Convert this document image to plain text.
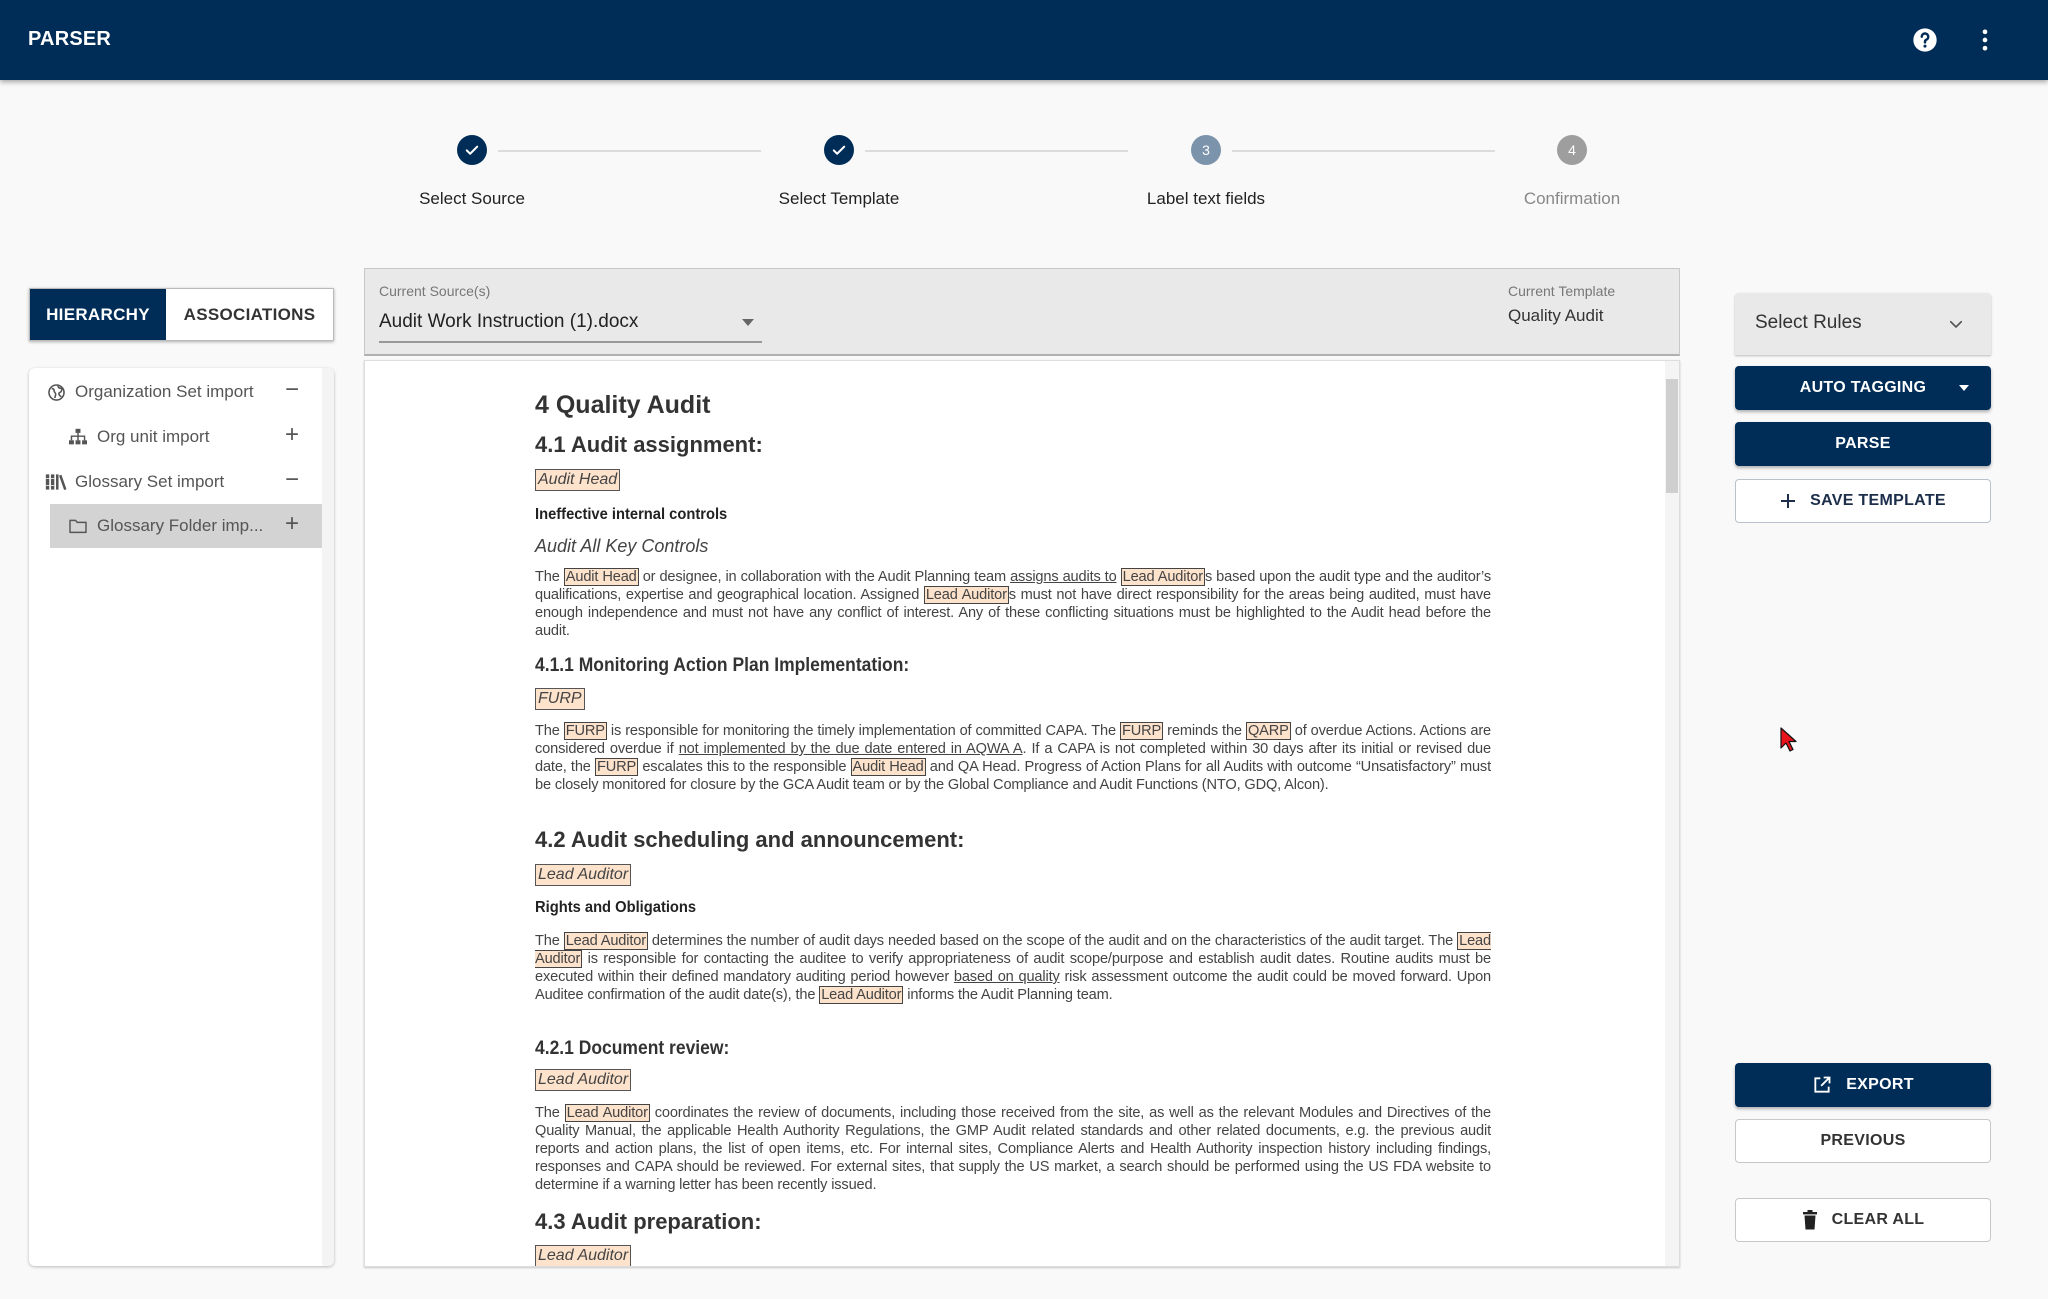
PARSER
Select Source	Select Template
3
Label text fields
4
Confirmation
HIERARCHY	ASSOCIATIONS
Organization Set import −
Org unit import	+
Glossary Set import	−
Glossary Folder imp... +
Current Source(s)
Audit Work Instruction (1).docx
Current Template
Quality Audit
4 Quality Audit
4.1 Audit assignment:
Audit Head
Ineffective internal controls
Audit All Key Controls
The Audit Head or designee, in collaboration with the Audit Planning team assigns audits to Lead Auditor s based upon the audit type and the auditor’s qualifications, expertise and geographical location. Assigned Lead Auditor s must not have direct responsibility for the areas being audited, must have enough independence and must not have any conflict of interest. Any of these conflicting situations must be highlighted to the Audit head before the audit.
4.1.1 Monitoring Action Plan Implementation:
FURP
The FURP is responsible for monitoring the timely implementation of committed CAPA. The FURP reminds the QARP of overdue Actions. Actions are considered overdue if not implemented by the due date entered in AQWA A. If a CAPA is not completed within 30 days after its initial or revised due date, the FURP escalates this to the responsible Audit Head and QA Head. Progress of Action Plans for all Audits with outcome “Unsatisfactory” must be closely monitored for closure by the GCA Audit team or by the Global Compliance and Audit Functions (NTO, GDQ, Alcon).
4.2 Audit scheduling and announcement:
Lead Auditor
Rights and Obligations
The Lead Auditor determines the number of audit days needed based on the scope of the audit and on the characteristics of the audit target. The Lead Auditor is responsible for contacting the auditee to verify appropriateness of audit scope/purpose and establish audit dates. Routine audits must be executed within their defined mandatory auditing period however based on quality risk assessment outcome the audit could be moved forward. Upon Auditee confirmation of the audit date(s), the Lead Auditor informs the Audit Planning team.
4.2.1 Document review:
Lead Auditor
The Lead Auditor coordinates the review of documents, including those received from the site, as well as the relevant Modules and Directives of the Quality Manual, the applicable Health Authority Regulations, the GMP Audit related standards and other related documents, e.g. the previous audit reports and action plans, the list of open items, etc. For internal sites, Compliance Alerts and Health Authority inspection history including findings, responses and CAPA should be reviewed. For external sites, that supply the US market, a search should be performed using the US FDA website to determine if a warning letter has been recently issued.
4.3 Audit preparation:
Lead Auditor
Select Rules
AUTO TAGGING
PARSE
SAVE TEMPLATE
EXPORT
PREVIOUS
CLEAR ALL
